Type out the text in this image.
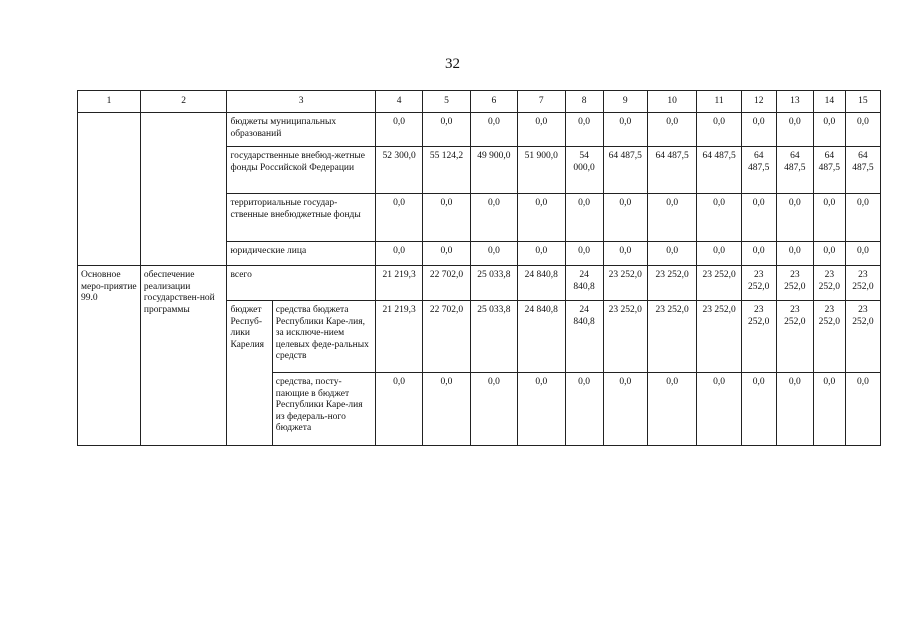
32
1	2	3		4	5	6	7	8	9	10	11	12	13	14	15
		бюджеты муниципальных образований		0,0	0,0	0,0	0,0	0,0	0,0	0,0	0,0	0,0	0,0	0,0	0,0
		государственные внебюд-жетные фонды Российской Федерации		52 300,0	55 124,2	49 900,0	51 900,0	54 000,0	64 487,5	64 487,5	64 487,5	64 487,5	64 487,5	64 487,5	64 487,5
		территориальные государ-ственные внебюджетные фонды		0,0	0,0	0,0	0,0	0,0	0,0	0,0	0,0	0,0	0,0	0,0	0,0
		юридические лица		0,0	0,0	0,0	0,0	0,0	0,0	0,0	0,0	0,0	0,0	0,0	0,0
Основное меро-приятие 99.0	обеспечение реализации государствен-ной программы	всего		21 219,3	22 702,0	25 033,8	24 840,8	24 840,8	23 252,0	23 252,0	23 252,0	23 252,0	23 252,0	23 252,0	23 252,0
		бюджет Респуб-лики Карелия	средства бюджета Республики Каре-лия, за исключе-нием целевых феде-ральных средств	21 219,3	22 702,0	25 033,8	24 840,8	24 840,8	23 252,0	23 252,0	23 252,0	23 252,0	23 252,0	23 252,0	23 252,0
			средства, посту-пающие в бюджет Республики Каре-лия из федераль-ного бюджета	0,0	0,0	0,0	0,0	0,0	0,0	0,0	0,0	0,0	0,0	0,0	0,0
